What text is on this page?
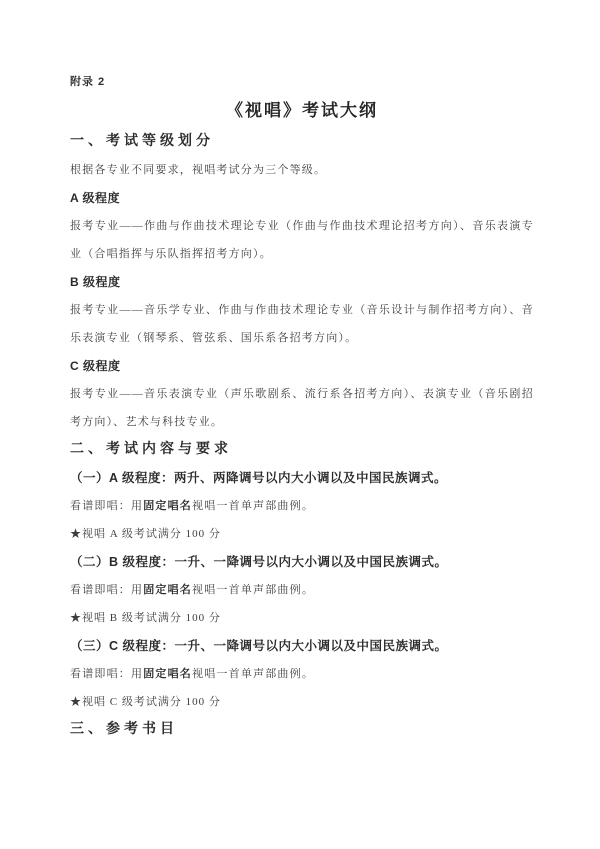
附录 2
《视唱》考试大纲
一、考试等级划分

根据各专业不同要求，视唱考试分为三个等级。

A 级程度

报考专业——作曲与作曲技术理论专业（作曲与作曲技术理论招考方向）、音乐表演专业（合唱指挥与乐队指挥招考方向）。

B 级程度

报考专业——音乐学专业、作曲与作曲技术理论专业（音乐设计与制作招考方向）、音乐表演专业（钢琴系、管弦系、国乐系各招考方向）。

C 级程度

报考专业——音乐表演专业（声乐歌剧系、流行系各招考方向）、表演专业（音乐剧招考方向）、艺术与科技专业。

二、考试内容与要求
（一）A 级程度：两升、两降调号以内大小调以及中国民族调式。
看谱即唱：用固定唱名视唱一首单声部曲例。
★视唱 A 级考试满分 100 分
（二）B 级程度：一升、一降调号以内大小调以及中国民族调式。
看谱即唱：用固定唱名视唱一首单声部曲例。
★视唱 B 级考试满分 100 分
（三）C 级程度：一升、一降调号以内大小调以及中国民族调式。
看谱即唱：用固定唱名视唱一首单声部曲例。
★视唱 C 级考试满分 100 分
三、参考书目
